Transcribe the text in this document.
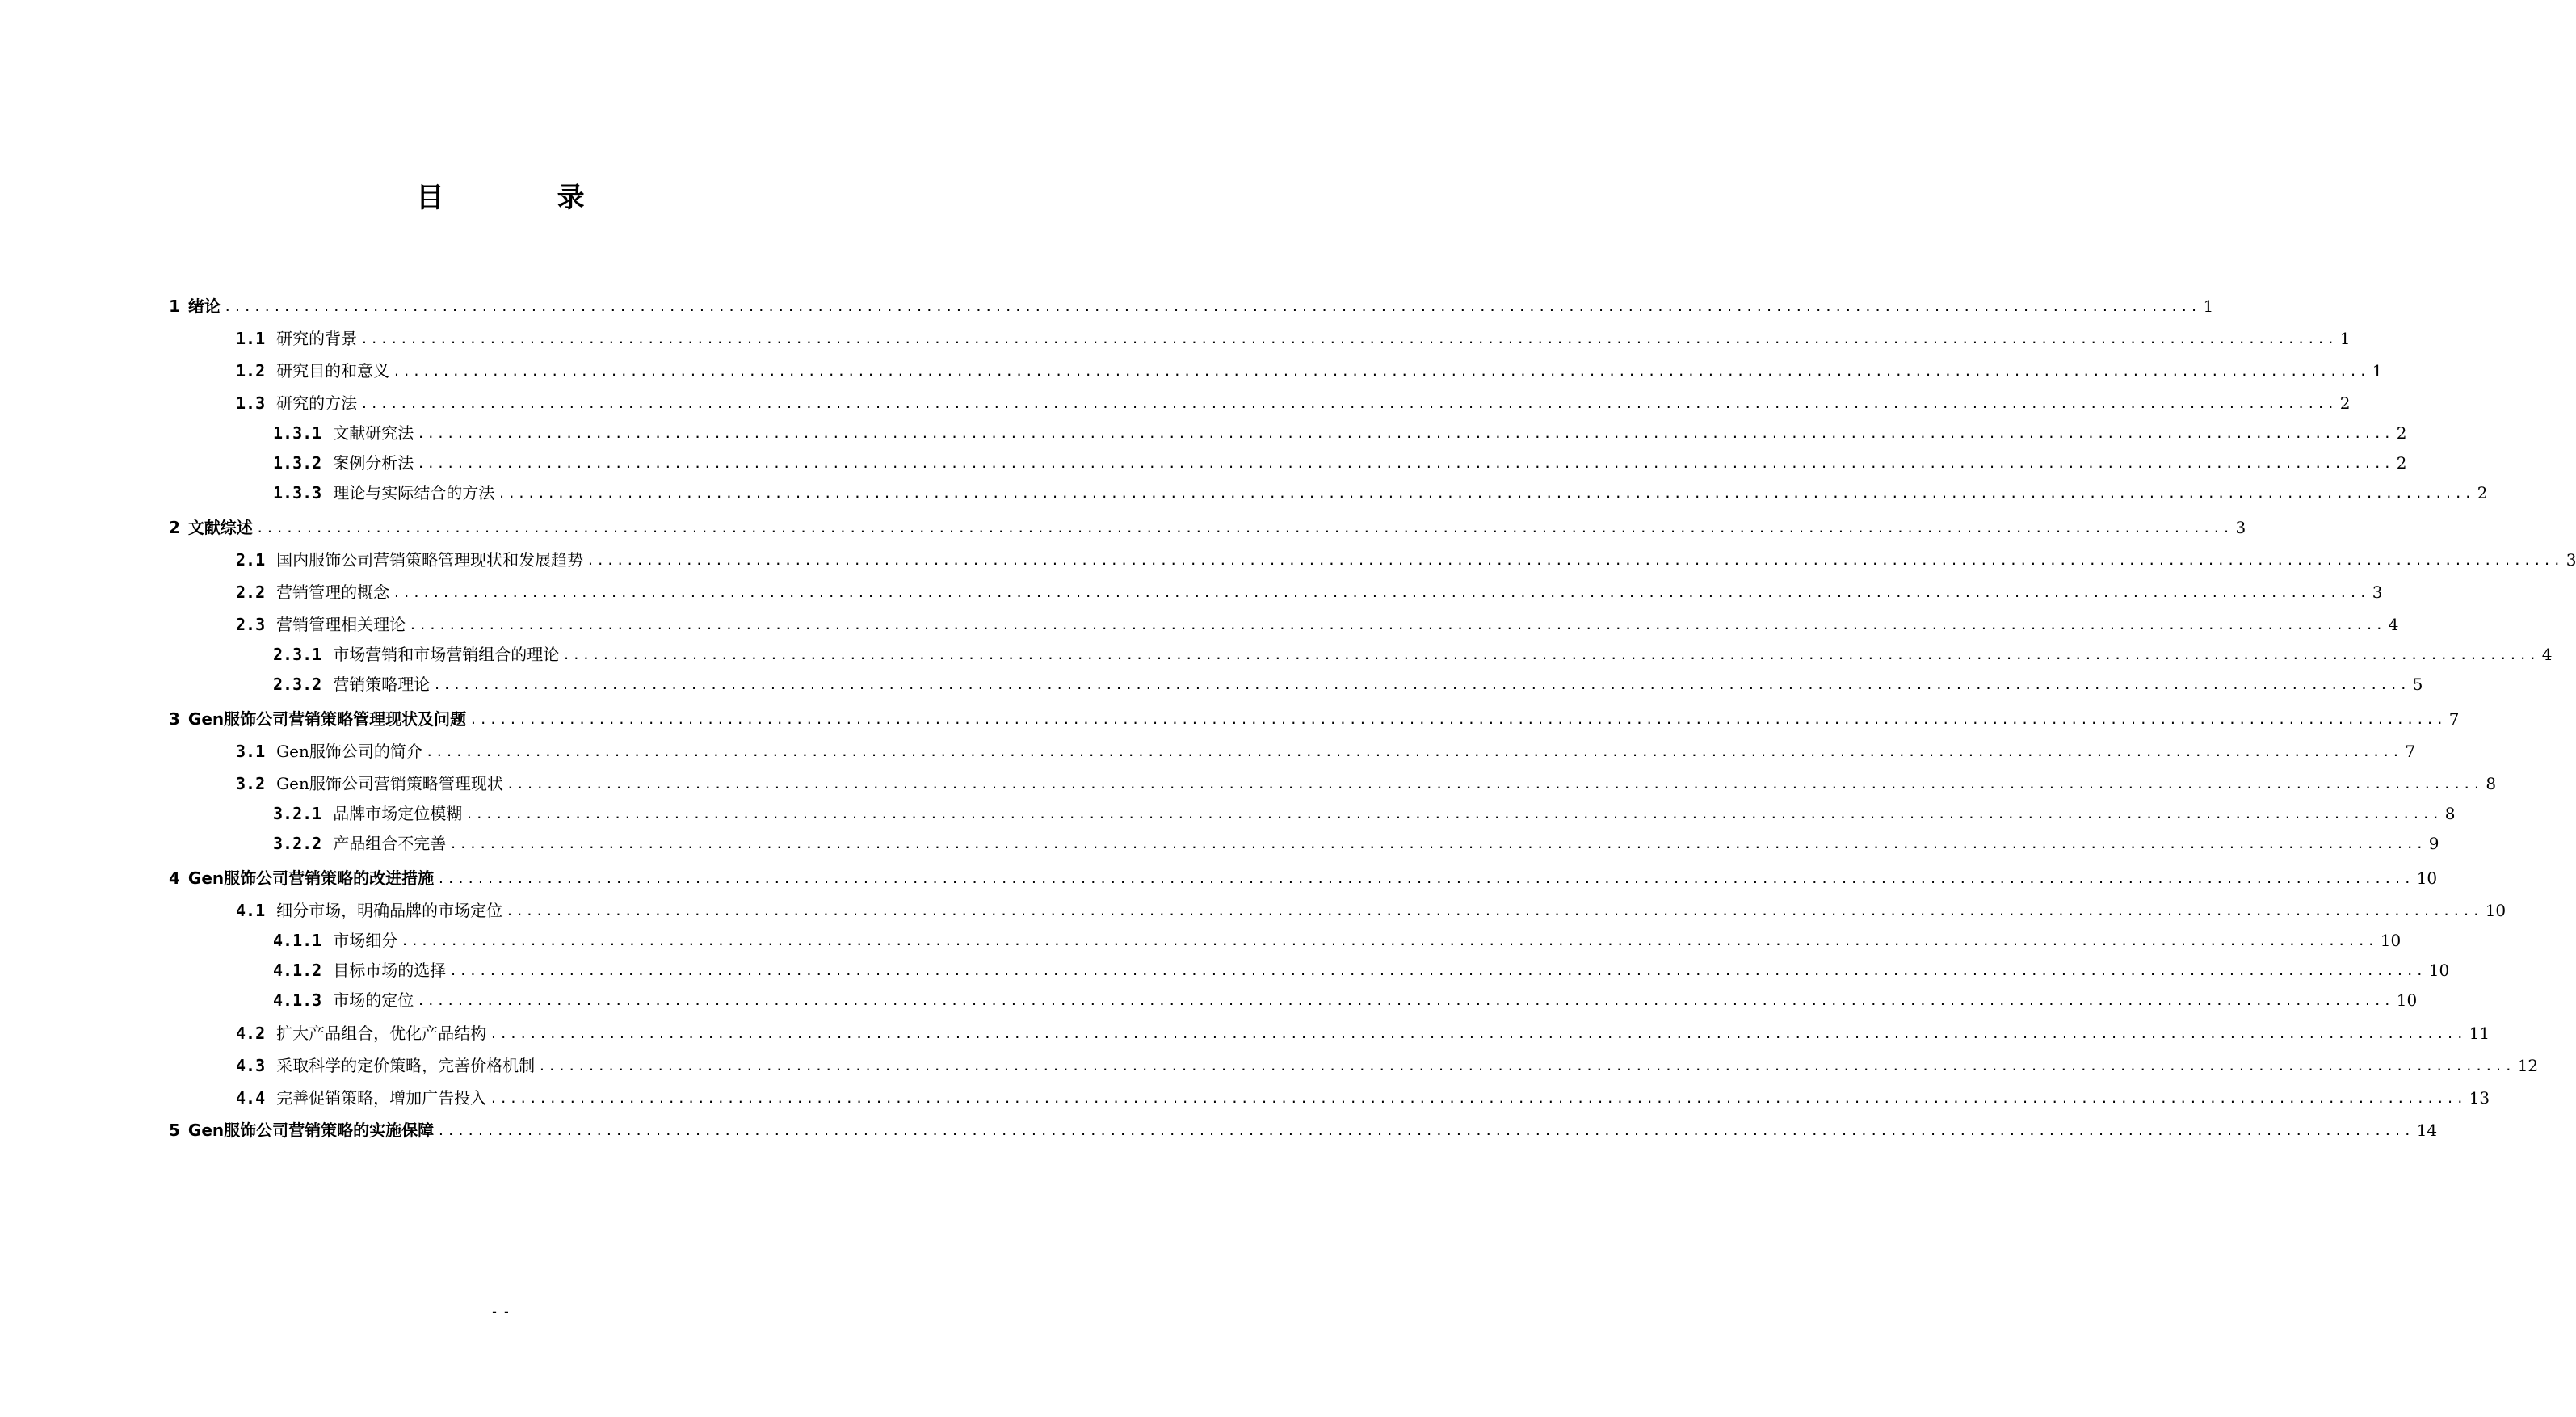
目          录
1 绪论 ........................................................................................................................................................................................................ 1
1.1 研究的背景 ........................................................................................................................................................................................................ 1
1.2 研究目的和意义 ........................................................................................................................................................................................................ 1
1.3 研究的方法 ........................................................................................................................................................................................................ 2
1.3.1 文献研究法 ........................................................................................................................................................................................................ 2
1.3.2 案例分析法 ........................................................................................................................................................................................................ 2
1.3.3 理论与实际结合的方法 ........................................................................................................................................................................................................ 2
2 文献综述 ........................................................................................................................................................................................................ 3
2.1 国内服饰公司营销策略管理现状和发展趋势 ........................................................................................................................................................................................................ 3
2.2 营销管理的概念 ........................................................................................................................................................................................................ 3
2.3 营销管理相关理论 ........................................................................................................................................................................................................ 4
2.3.1 市场营销和市场营销组合的理论 ........................................................................................................................................................................................................ 4
2.3.2 营销策略理论 ........................................................................................................................................................................................................ 5
3 Gen服饰公司营销策略管理现状及问题 ........................................................................................................................................................................................................ 7
3.1 Gen服饰公司的简介 ........................................................................................................................................................................................................ 7
3.2 Gen服饰公司营销策略管理现状 ........................................................................................................................................................................................................ 8
3.2.1 品牌市场定位模糊 ........................................................................................................................................................................................................ 8
3.2.2 产品组合不完善 ........................................................................................................................................................................................................ 9
4 Gen服饰公司营销策略的改进措施 ........................................................................................................................................................................................................ 10
4.1 细分市场，明确品牌的市场定位 ........................................................................................................................................................................................................ 10
4.1.1 市场细分 ........................................................................................................................................................................................................ 10
4.1.2 目标市场的选择 ........................................................................................................................................................................................................ 10
4.1.3 市场的定位 ........................................................................................................................................................................................................ 10
4.2 扩大产品组合，优化产品结构 ........................................................................................................................................................................................................ 11
4.3 采取科学的定价策略，完善价格机制 ........................................................................................................................................................................................................ 12
4.4 完善促销策略，增加广告投入 ........................................................................................................................................................................................................ 13
5 Gen服饰公司营销策略的实施保障 ........................................................................................................................................................................................................ 14
- -
